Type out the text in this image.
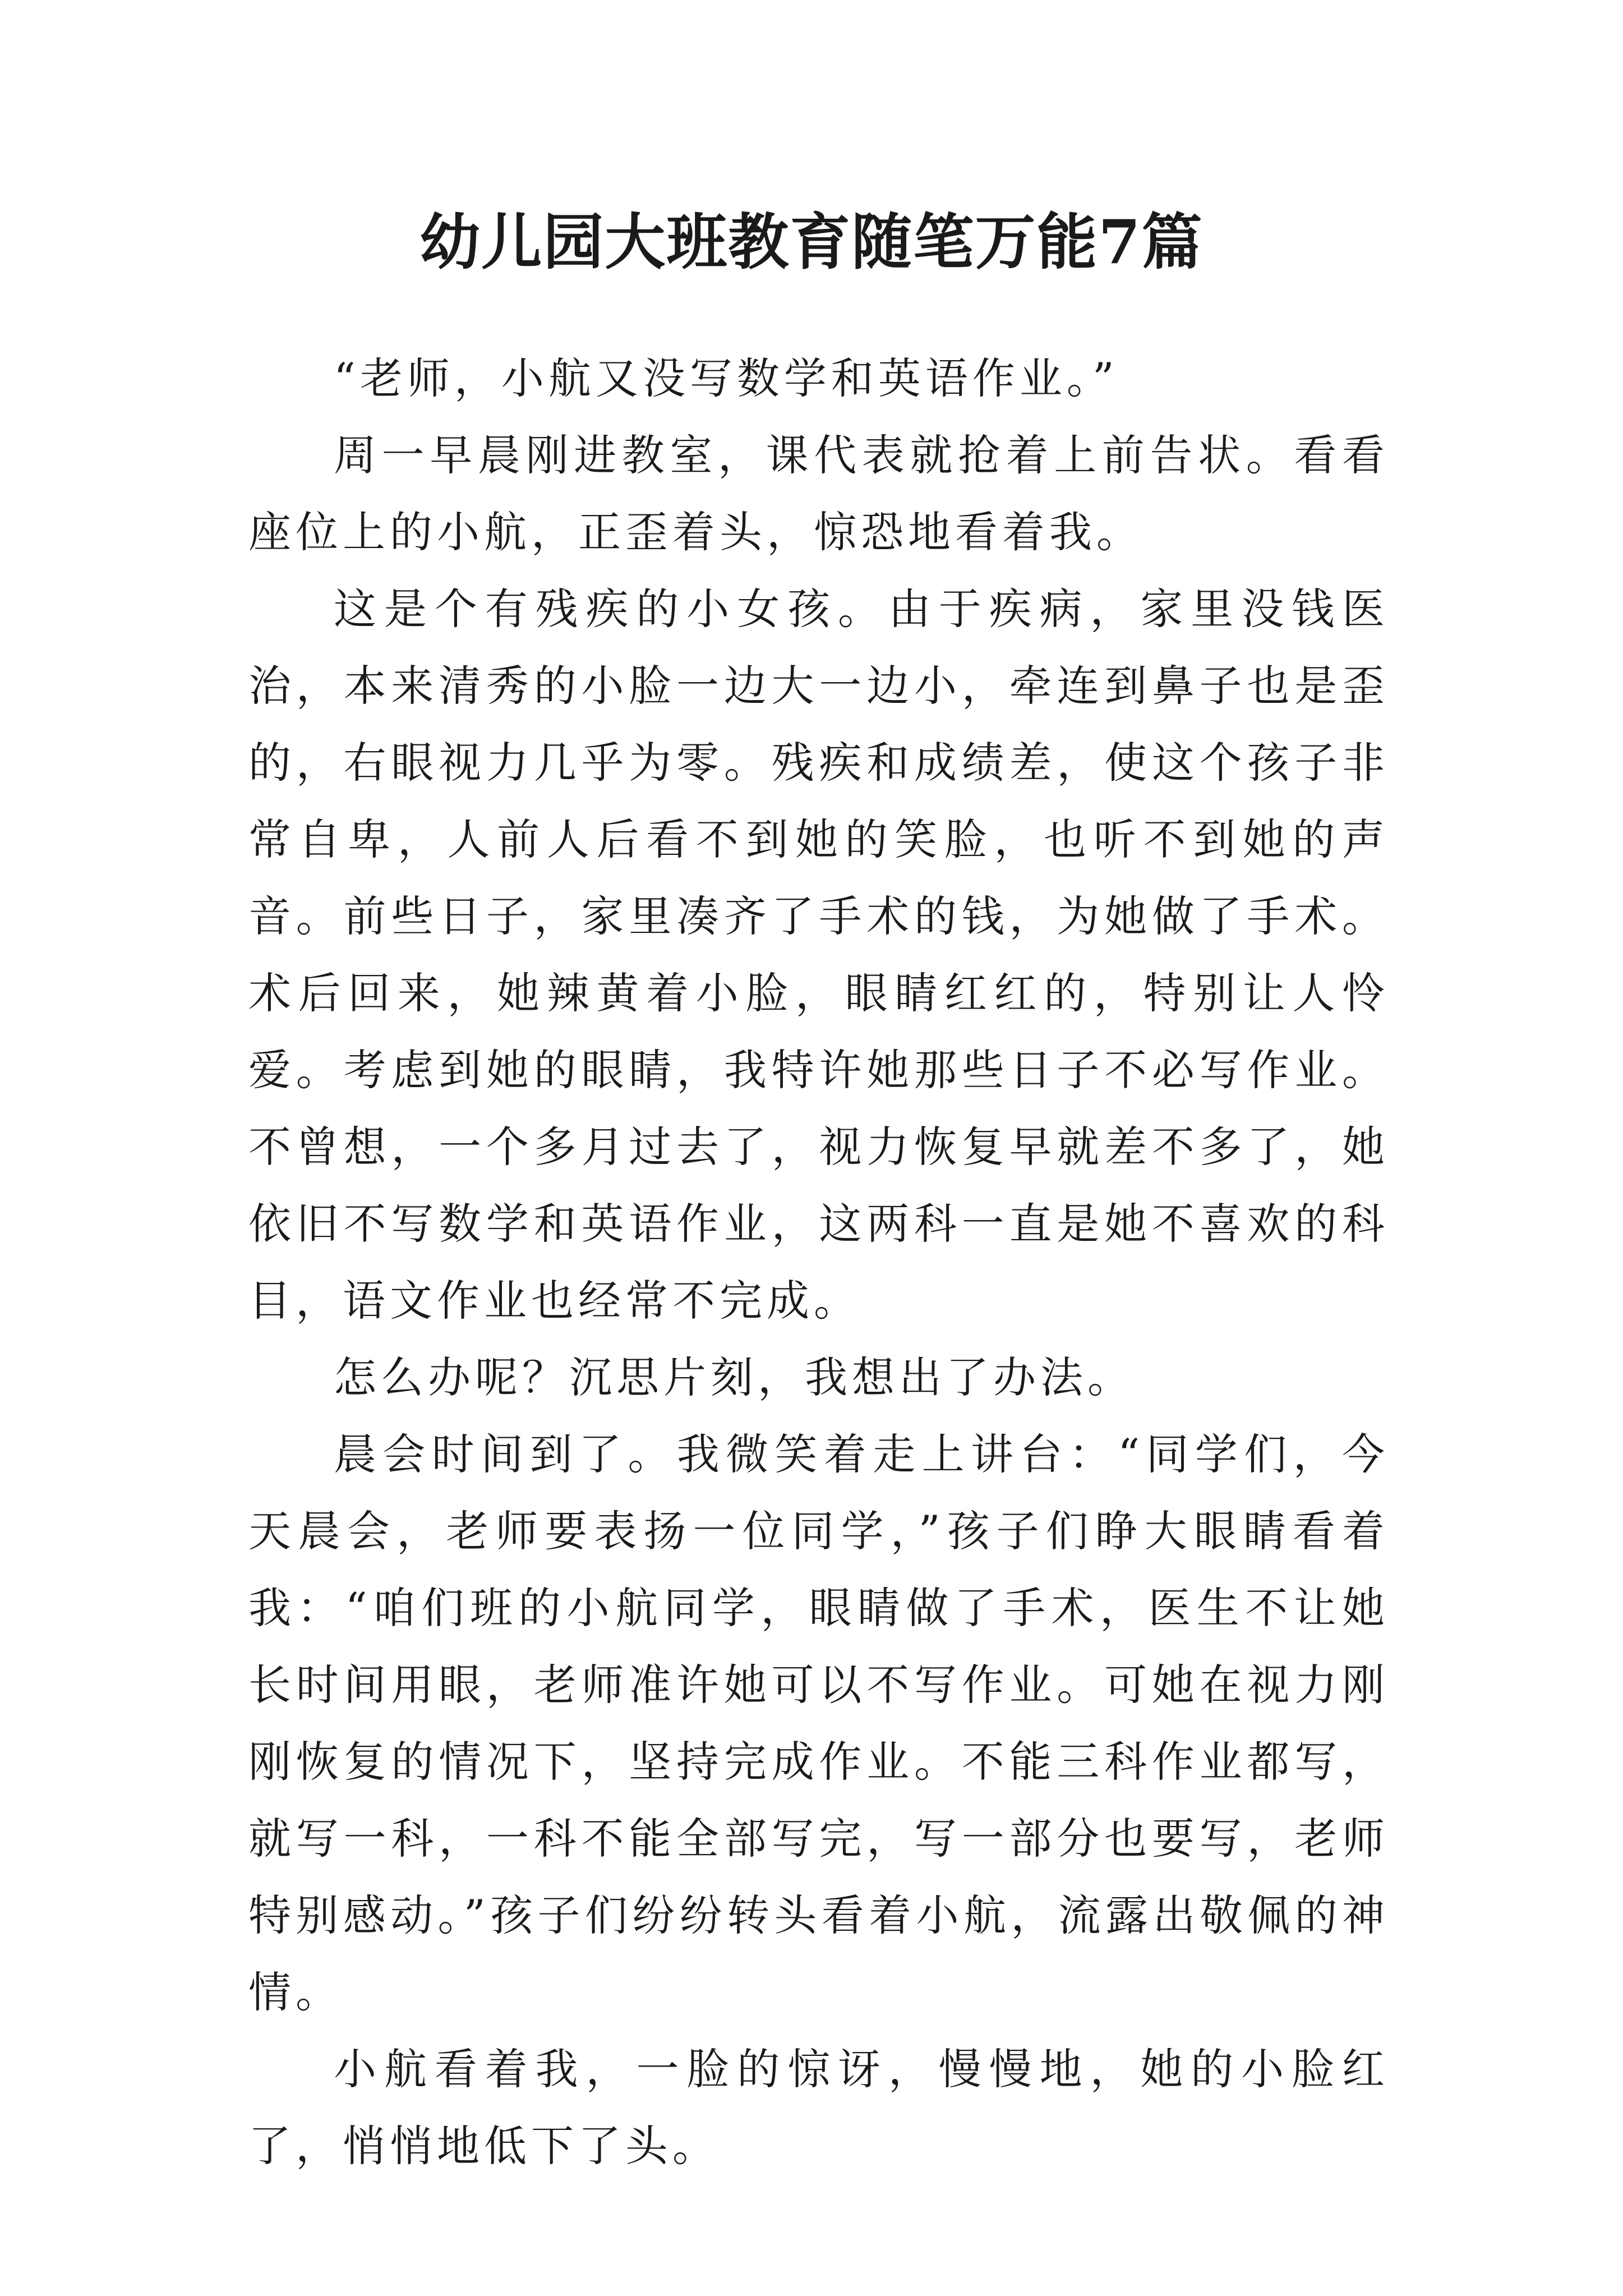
幼儿园大班教育随笔万能7篇

“老师，小航又没写数学和英语作业。”

周一早晨刚进教室，课代表就抢着上前告状。看看座位上的小航，正歪着头，惊恐地看着我。

这是个有残疾的小女孩。由于疾病，家里没钱医治，本来清秀的小脸一边大一边小，牵连到鼻子也是歪的，右眼视力几乎为零。残疾和成绩差，使这个孩子非常自卑，人前人后看不到她的笑脸，也听不到她的声音。前些日子，家里凑齐了手术的钱，为她做了手术。术后回来，她辣黄着小脸，眼睛红红的，特别让人怜爱。考虑到她的眼睛，我特许她那些日子不必写作业。不曾想，一个多月过去了，视力恢复早就差不多了，她依旧不写数学和英语作业，这两科一直是她不喜欢的科目，语文作业也经常不完成。

怎么办呢？沉思片刻，我想出了办法。

晨会时间到了。我微笑着走上讲台：“同学们，今天晨会，老师要表扬一位同学，”孩子们睁大眼睛看着我：“咱们班的小航同学，眼睛做了手术，医生不让她长时间用眼，老师准许她可以不写作业。可她在视力刚刚恢复的情况下，坚持完成作业。不能三科作业都写，就写一科，一科不能全部写完，写一部分也要写，老师特别感动。”孩子们纷纷转头看着小航，流露出敬佩的神情。

小航看着我，一脸的惊讶，慢慢地，她的小脸红了，悄悄地低下了头。
